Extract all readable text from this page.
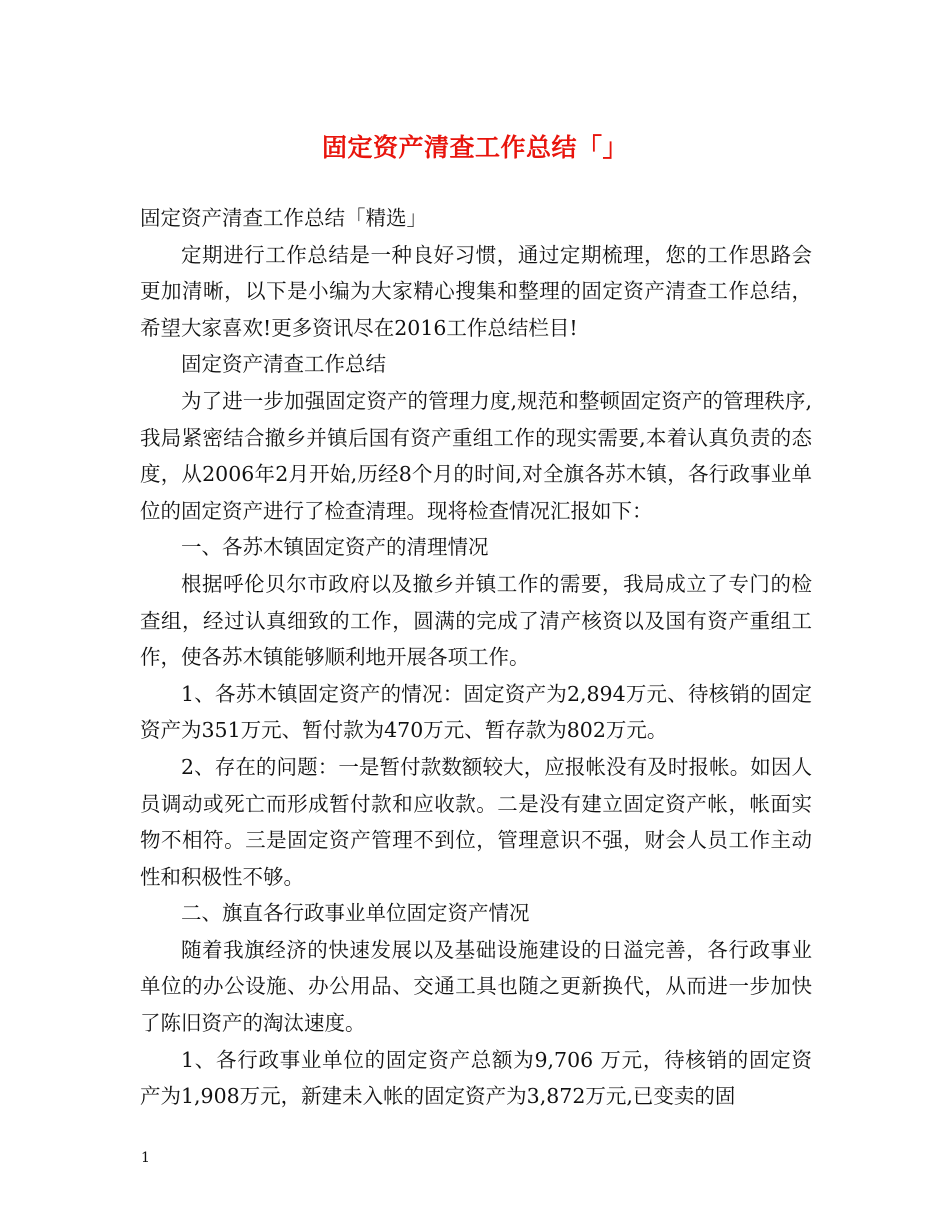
固定资产清查工作总结「」

固定资产清查工作总结「精选」

定期进行工作总结是一种良好习惯，通过定期梳理，您的工作思路会更加清晰，以下是小编为大家精心搜集和整理的固定资产清查工作总结，希望大家喜欢!更多资讯尽在2016工作总结栏目!

固定资产清查工作总结

为了进一步加强固定资产的管理力度,规范和整顿固定资产的管理秩序,我局紧密结合撤乡并镇后国有资产重组工作的现实需要,本着认真负责的态度，从2006年2月开始,历经8个月的时间,对全旗各苏木镇，各行政事业单位的固定资产进行了检查清理。现将检查情况汇报如下：

一、各苏木镇固定资产的清理情况

根据呼伦贝尔市政府以及撤乡并镇工作的需要，我局成立了专门的检查组，经过认真细致的工作，圆满的完成了清产核资以及国有资产重组工作，使各苏木镇能够顺利地开展各项工作。

1、各苏木镇固定资产的情况：固定资产为2,894万元、待核销的固定资产为351万元、暂付款为470万元、暂存款为802万元。

2、存在的问题：一是暂付款数额较大，应报帐没有及时报帐。如因人员调动或死亡而形成暂付款和应收款。二是没有建立固定资产帐，帐面实物不相符。三是固定资产管理不到位，管理意识不强，财会人员工作主动性和积极性不够。

二、旗直各行政事业单位固定资产情况

随着我旗经济的快速发展以及基础设施建设的日溢完善，各行政事业单位的办公设施、办公用品、交通工具也随之更新换代，从而进一步加快了陈旧资产的淘汰速度。

1、各行政事业单位的固定资产总额为9,706 万元，待核销的固定资产为1,908万元，新建未入帐的固定资产为3,872万元,已变卖的固

1
